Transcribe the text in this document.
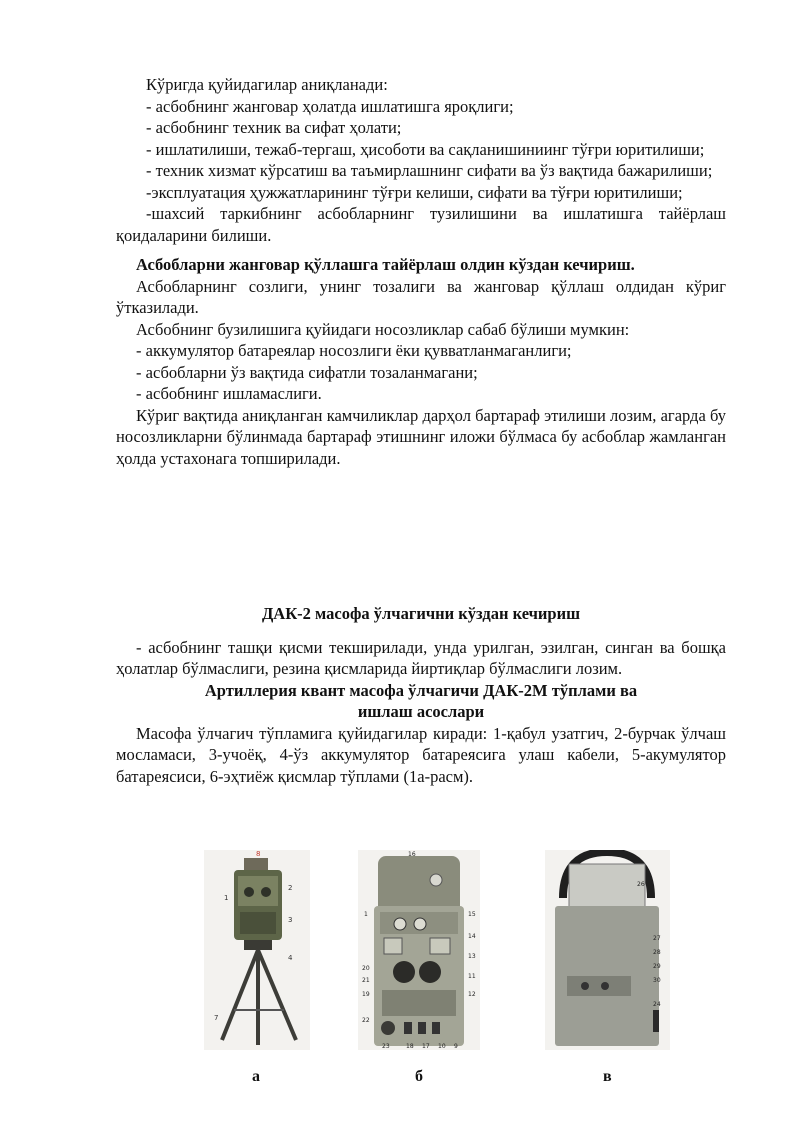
Кўригда қуйидагилар аниқланади:

- асбобнинг жанговар ҳолатда ишлатишга яроқлиги;

- асбобнинг техник ва сифат ҳолати;

- ишлатилиши, тежаб-тергаш, ҳисоботи ва сақланишиниинг тўғри юритилиши;

- техник хизмат кўрсатиш ва таъмирлашнинг сифати ва ўз вақтида бажарилиши;

-эксплуатация ҳужжатларининг тўғри келиши, сифати ва тўғри юритилиши;

-шахсий таркибнинг асбобларнинг тузилишини ва ишлатишга тайёрлаш қоидаларини билиши.

Асбобларни жанговар қўллашга тайёрлаш олдин кўздан кечириш.

Асбобларнинг созлиги, унинг тозалиги ва жанговар қўллаш олдидан кўриг ўтказилади.

Асбобнинг бузилишига қуйидаги носозликлар сабаб бўлиши мумкин:

- аккумулятор батареялар носозлиги ёки қувватланмаганлиги;

- асбобларни ўз вақтида сифатли тозаланмагани;

- асбобнинг ишламаслиги.

Кўриг вақтида аниқланган камчиликлар дарҳол бартараф этилиши лозим, агарда бу носозликларни бўлинмада бартараф этишнинг иложи бўлмаса бу асбоблар жамланган ҳолда устахонага топширилади.

ДАК-2 масофа ўлчагични кўздан кечириш

- асбобнинг ташқи қисми текширилади, унда урилган, эзилган, синган ва бошқа ҳолатлар бўлмаслиги, резина қисмларида йиртиқлар бўлмаслиги лозим.

Артиллерия квант масофа ўлчагичи ДАК-2М тўплами ва

ишлаш асослари

Масофа ўлчагич тўпламига қуйидагилар киради: 1-қабул узатгич, 2-бурчак ўлчаш мосламаси, 3-учоёқ, 4-ўз аккумулятор батареясига улаш кабели, 5-акумулятор батареясиси, 6-эҳтиёж қисмлар тўплами (1а-расм).

8
1
2
3
4
7
16
1	15
14
13
11
12
20
21
19
22
23	18 17 10 9
26
27
28
29
30
24
а	б	в
